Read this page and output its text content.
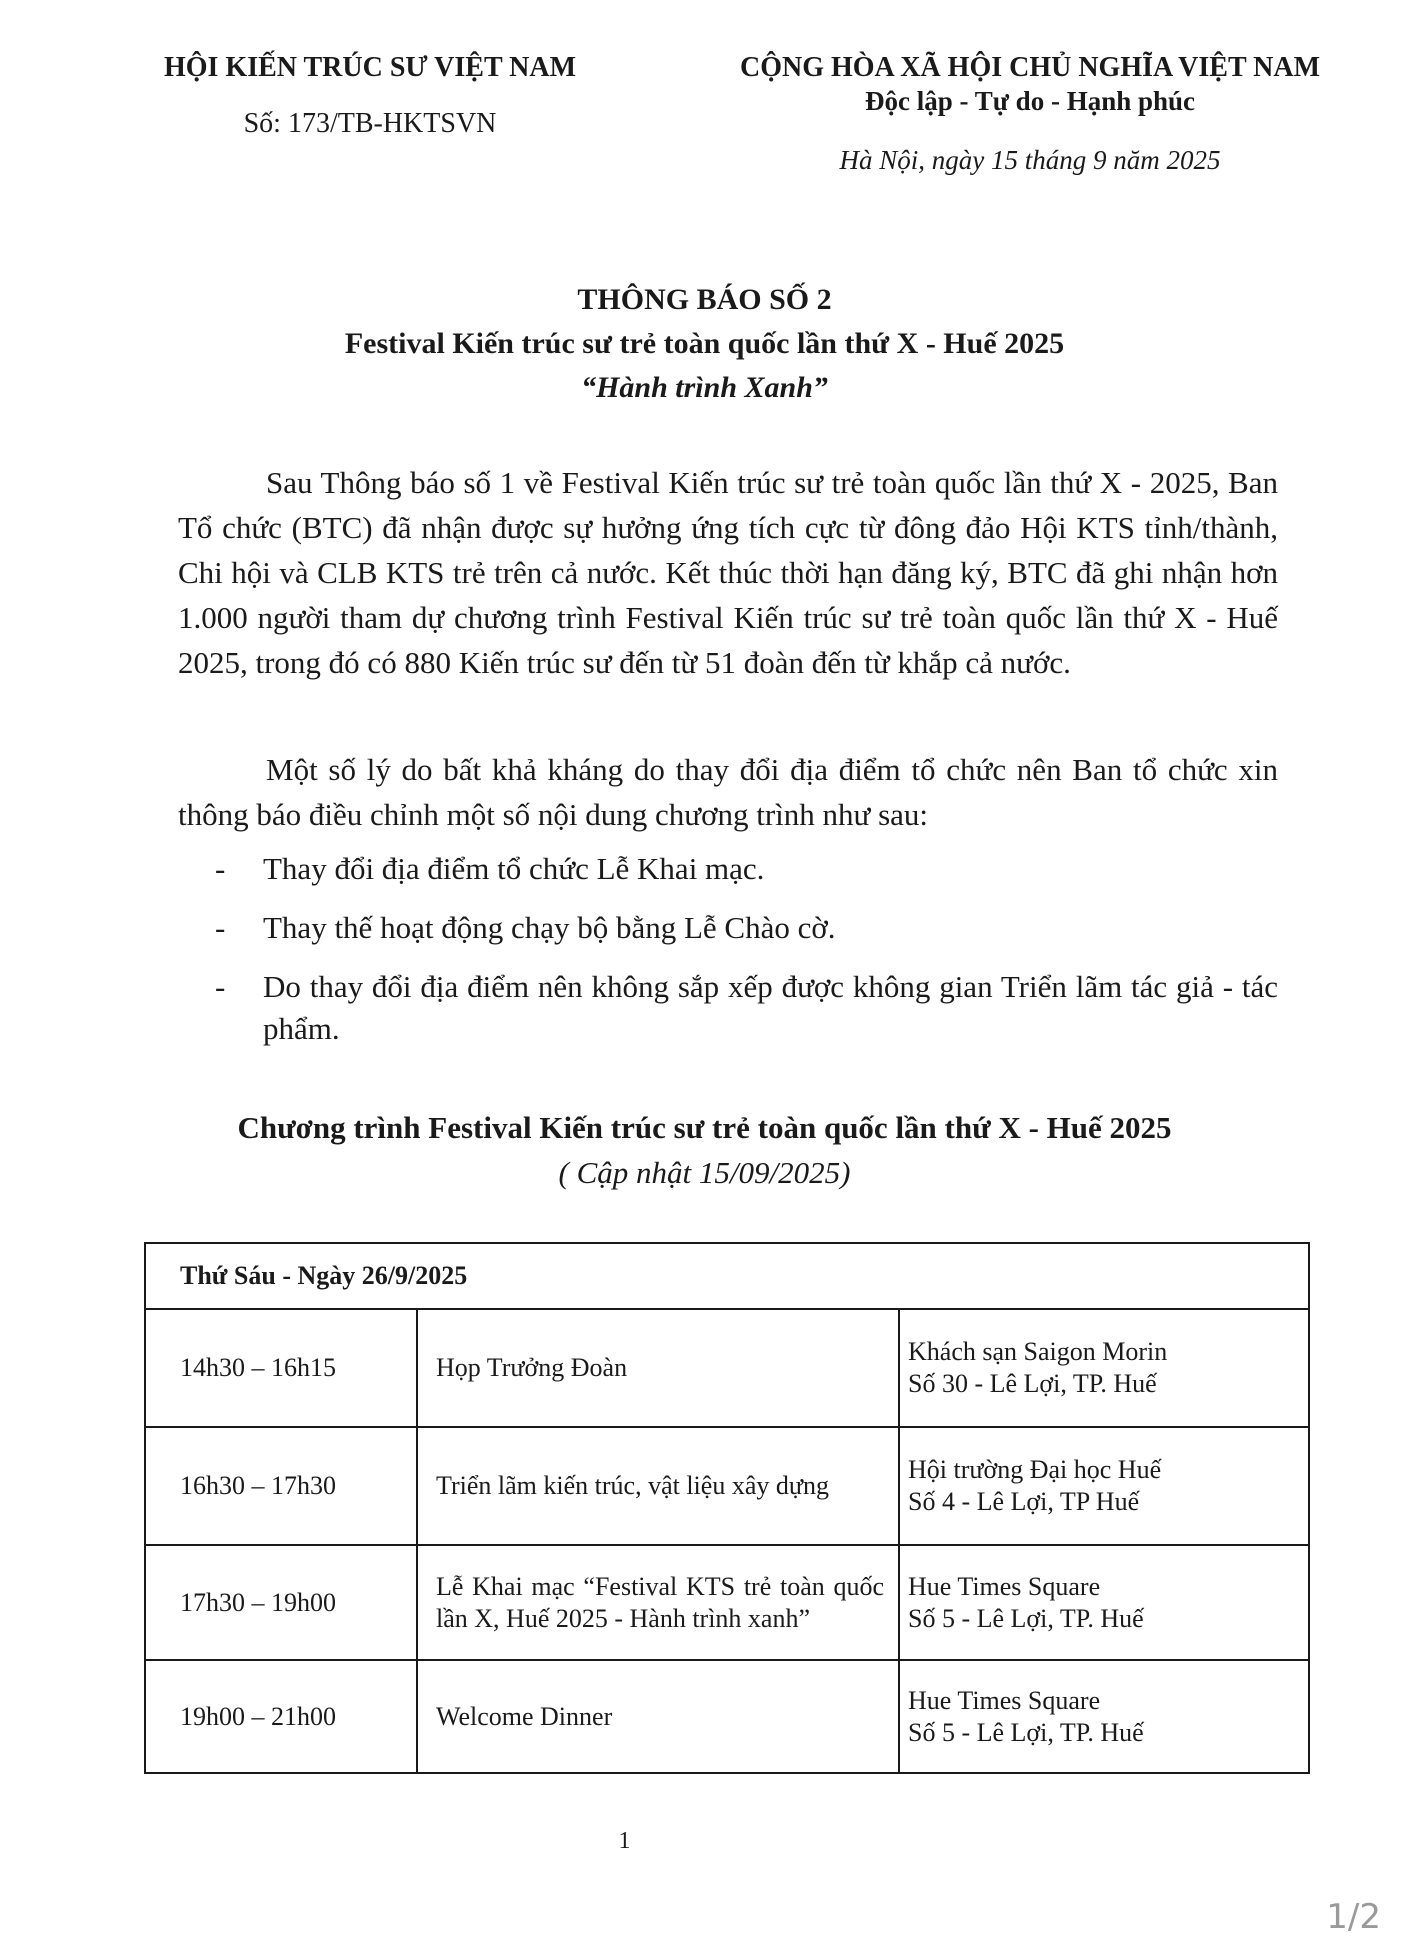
HỘI KIẾN TRÚC SƯ VIỆT NAM
Số: 173/TB-HKTSVN
CỘNG HÒA XÃ HỘI CHỦ NGHĨA VIỆT NAM
Độc lập - Tự do - Hạnh phúc
Hà Nội, ngày 15 tháng 9 năm 2025
THÔNG BÁO SỐ 2
Festival Kiến trúc sư trẻ toàn quốc lần thứ X - Huế 2025
“Hành trình Xanh”
Sau Thông báo số 1 về Festival Kiến trúc sư trẻ toàn quốc lần thứ X - 2025, Ban Tổ chức (BTC) đã nhận được sự hưởng ứng tích cực từ đông đảo Hội KTS tỉnh/thành, Chi hội và CLB KTS trẻ trên cả nước. Kết thúc thời hạn đăng ký, BTC đã ghi nhận hơn 1.000 người tham dự chương trình Festival Kiến trúc sư trẻ toàn quốc lần thứ X - Huế 2025, trong đó có 880 Kiến trúc sư đến từ 51 đoàn đến từ khắp cả nước.
Một số lý do bất khả kháng do thay đổi địa điểm tổ chức nên Ban tổ chức xin thông báo điều chỉnh một số nội dung chương trình như sau:
- Thay đổi địa điểm tổ chức Lễ Khai mạc.
- Thay thế hoạt động chạy bộ bằng Lễ Chào cờ.
- Do thay đổi địa điểm nên không sắp xếp được không gian Triển lãm tác giả - tác phẩm.
Chương trình Festival Kiến trúc sư trẻ toàn quốc lần thứ X - Huế 2025
( Cập nhật 15/09/2025)
Thứ Sáu - Ngày 26/9/2025		
14h30 – 16h15	Họp Trưởng Đoàn	Khách sạn Saigon Morin
Số 30 - Lê Lợi, TP. Huế

16h30 – 17h30	Triển lãm kiến trúc, vật liệu xây dựng	Hội trường Đại học Huế
Số 4 - Lê Lợi, TP Huế

17h30 – 19h00	Lễ Khai mạc “Festival KTS trẻ toàn quốc lần X, Huế 2025 - Hành trình xanh”	Hue Times Square
Số 5 - Lê Lợi, TP. Huế

19h00 – 21h00	Welcome Dinner	Hue Times Square
Số 5 - Lê Lợi, TP. Huế
1
1/2
